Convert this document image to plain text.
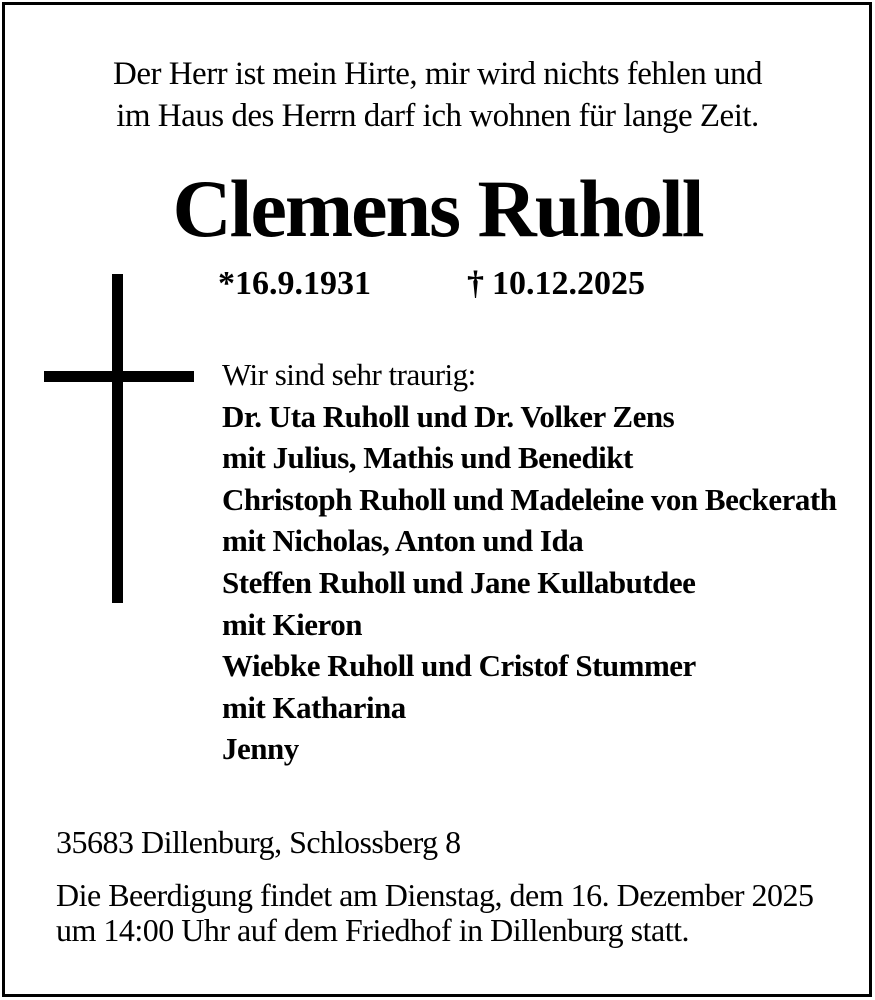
Der Herr ist mein Hirte, mir wird nichts fehlen und
im Haus des Herrn darf ich wohnen für lange Zeit.
Clemens Ruholl
*16.9.1931	† 10.12.2025
Wir sind sehr traurig:
Dr. Uta Ruholl und Dr. Volker Zens
mit Julius, Mathis und Benedikt
Christoph Ruholl und Madeleine von Beckerath
mit Nicholas, Anton und Ida
Steffen Ruholl und Jane Kullabutdee
mit Kieron
Wiebke Ruholl und Cristof Stummer
mit Katharina
Jenny
35683 Dillenburg, Schlossberg 8
Die Beerdigung findet am Dienstag, dem 16. Dezember 2025
um 14:00 Uhr auf dem Friedhof in Dillenburg statt.
